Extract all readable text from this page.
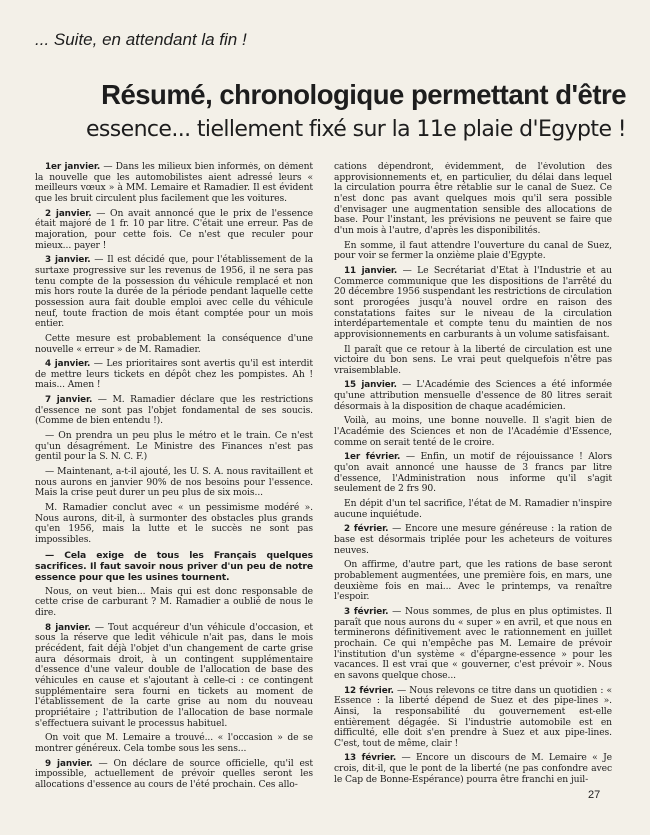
... Suite, en attendant la fin !
Résumé, chronologique permettant d'être
essence... tiellement fixé sur la 11e plaie d'Egypte !

1er janvier. — Dans les milieux bien informés, on dément la nouvelle que les automobilistes aient adressé leurs « meilleurs vœux » à MM. Lemaire et Ramadier. Il est évident que les bruit circulent plus facilement que les voitures.

2 janvier. — On avait annoncé que le prix de l'essence était majoré de 1 fr. 10 par litre. C'était une erreur. Pas de majoration, pour cette fois. Ce n'est que reculer pour mieux... payer !

3 janvier. — Il est décidé que, pour l'établissement de la surtaxe progressive sur les revenus de 1956, il ne sera pas tenu compte de la possession du véhicule remplacé et non mis hors route la durée de la période pendant laquelle cette possession aura fait double emploi avec celle du véhicule neuf, toute fraction de mois étant comptée pour un mois entier.

Cette mesure est probablement la conséquence d'une nouvelle « erreur » de M. Ramadier.

4 janvier. — Les prioritaires sont avertis qu'il est interdit de mettre leurs tickets en dépôt chez les pompistes. Ah ! mais... Amen !

7 janvier. — M. Ramadier déclare que les restrictions d'essence ne sont pas l'objet fondamental de ses soucis. (Comme de bien entendu !).

— On prendra un peu plus le métro et le train. Ce n'est qu'un désagrément. Le Ministre des Finances n'est pas gentil pour la S. N. C. F.)

— Maintenant, a-t-il ajouté, les U. S. A. nous ravitaillent et nous aurons en janvier 90% de nos besoins pour l'essence. Mais la crise peut durer un peu plus de six mois...

M. Ramadier conclut avec « un pessimisme modéré ». Nous aurons, dit-il, à surmonter des obstacles plus grands qu'en 1956, mais la lutte et le succès ne sont pas impossibles.

— Cela exige de tous les Français quelques sacrifices. Il faut savoir nous priver d'un peu de notre essence pour que les usines tournent.

Nous, on veut bien... Mais qui est donc responsable de cette crise de carburant ? M. Ramadier a oublié de nous le dire.

8 janvier. — Tout acquéreur d'un véhicule d'occasion, et sous la réserve que ledit véhicule n'ait pas, dans le mois précédent, fait déjà l'objet d'un changement de carte grise aura désormais droit, à un contingent supplémentaire d'essence d'une valeur double de l'allocation de base des véhicules en cause et s'ajoutant à celle-ci : ce contingent supplémentaire sera fourni en tickets au moment de l'établissement de la carte grise au nom du nouveau propriétaire ; l'attribution de l'allocation de base normale s'effectuera suivant le processus habituel.

On voit que M. Lemaire a trouvé... « l'occasion » de se montrer généreux. Cela tombe sous les sens...

9 janvier. — On déclare de source officielle, qu'il est impossible, actuellement de prévoir quelles seront les allocations d'essence au cours de l'été prochain. Ces allo-

cations dépendront, évidemment, de l'évolution des approvisionnements et, en particulier, du délai dans lequel la circulation pourra être rétablie sur le canal de Suez. Ce n'est donc pas avant quelques mois qu'il sera possible d'envisager une augmentation sensible des allocations de base. Pour l'instant, les prévisions ne peuvent se faire que d'un mois à l'autre, d'après les disponibilités.

En somme, il faut attendre l'ouverture du canal de Suez, pour voir se fermer la onzième plaie d'Egypte.

11 janvier. — Le Secrétariat d'Etat à l'Industrie et au Commerce communique que les dispositions de l'arrêté du 20 décembre 1956 suspendant les restrictions de circulation sont prorogées jusqu'à nouvel ordre en raison des constatations faites sur le niveau de la circulation interdépartementale et compte tenu du maintien de nos approvisionnements en carburants à un volume satisfaisant.

Il paraît que ce retour à la liberté de circulation est une victoire du bon sens. Le vrai peut quelquefois n'être pas vraisemblable.

15 janvier. — L'Académie des Sciences a été informée qu'une attribution mensuelle d'essence de 80 litres serait désormais à la disposition de chaque académicien.

Voilà, au moins, une bonne nouvelle. Il s'agit bien de l'Académie des Sciences et non de l'Académie d'Essence, comme on serait tenté de le croire.

1er février. — Enfin, un motif de réjouissance ! Alors qu'on avait annoncé une hausse de 3 francs par litre d'essence, l'Administration nous informe qu'il s'agit seulement de 2 frs 90.

En dépit d'un tel sacrifice, l'état de M. Ramadier n'inspire aucune inquiétude.

2 février. — Encore une mesure généreuse : la ration de base est désormais triplée pour les acheteurs de voitures neuves.

On affirme, d'autre part, que les rations de base seront probablement augmentées, une première fois, en mars, une deuxième fois en mai... Avec le printemps, va renaître l'espoir.

3 février. — Nous sommes, de plus en plus optimistes. Il paraît que nous aurons du « super » en avril, et que nous en terminerons définitivement avec le rationnement en juillet prochain. Ce qui n'empêche pas M. Lemaire de prévoir l'institution d'un système « d'épargne-essence » pour les vacances. Il est vrai que « gouverner, c'est prévoir ». Nous en savons quelque chose...

12 février. — Nous relevons ce titre dans un quotidien : « Essence : la liberté dépend de Suez et des pipe-lines ». Ainsi, la responsabilité du gouvernement est-elle entièrement dégagée. Si l'industrie automobile est en difficulté, elle doit s'en prendre à Suez et aux pipe-lines. C'est, tout de même, clair !

13 février. — Encore un discours de M. Lemaire « Je crois, dit-il, que le pont de la liberté (ne pas confondre avec le Cap de Bonne-Espérance) pourra être franchi en juil-

27
